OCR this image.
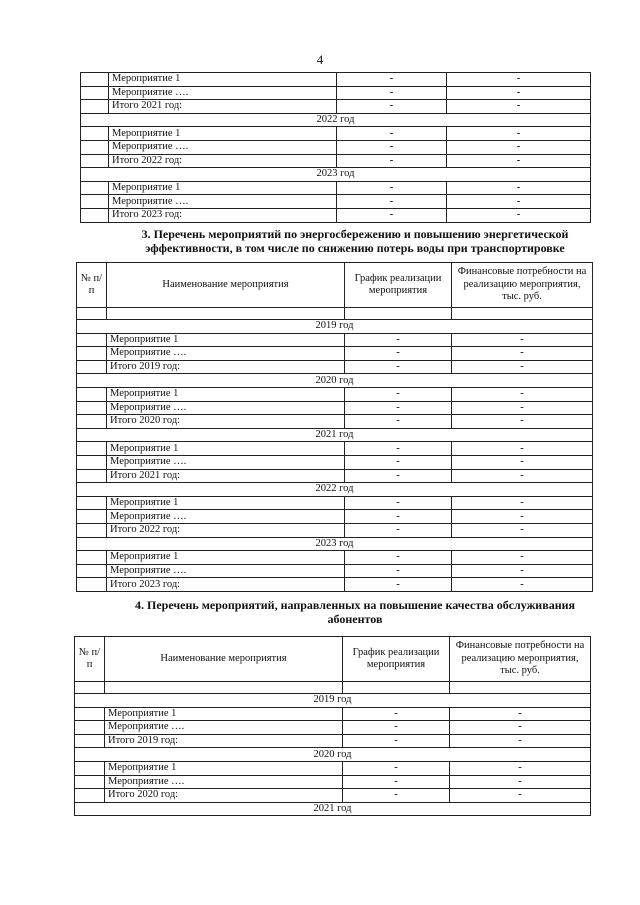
4
	Мероприятие 1	-	-
	Мероприятие ….	-	-
	Итого 2021 год:	-	-
2022 год			
	Мероприятие 1	-	-
	Мероприятие ….	-	-
	Итого 2022 год:	-	-
2023 год			
	Мероприятие 1	-	-
	Мероприятие ….	-	-
	Итого 2023 год:	-	-
3. Перечень мероприятий по энергосбережению и повышению энергетической эффективности, в том числе по снижению потерь воды при транспортировке
№ п/п	Наименование мероприятия	График реализации мероприятия	Финансовые потребности на реализацию мероприятия, тыс. руб.

2019 год			
	Мероприятие 1	-	-
	Мероприятие ….	-	-
	Итого 2019 год:	-	-
2020 год			
	Мероприятие 1	-	-
	Мероприятие ….	-	-
	Итого 2020 год:	-	-
2021 год			
	Мероприятие 1	-	-
	Мероприятие ….	-	-
	Итого 2021 год:	-	-
2022 год			
	Мероприятие 1	-	-
	Мероприятие ….	-	-
	Итого 2022 год:	-	-
2023 год			
	Мероприятие 1	-	-
	Мероприятие ….	-	-
	Итого 2023 год:	-	-
4. Перечень мероприятий, направленных на повышение качества обслуживания абонентов
№ п/п	Наименование мероприятия	График реализации мероприятия	Финансовые потребности на реализацию мероприятия, тыс. руб.

2019 год			
	Мероприятие 1	-	-
	Мероприятие ….	-	-
	Итого 2019 год:	-	-
2020 год			
	Мероприятие 1	-	-
	Мероприятие ….	-	-
	Итого 2020 год:	-	-
2021 год			
